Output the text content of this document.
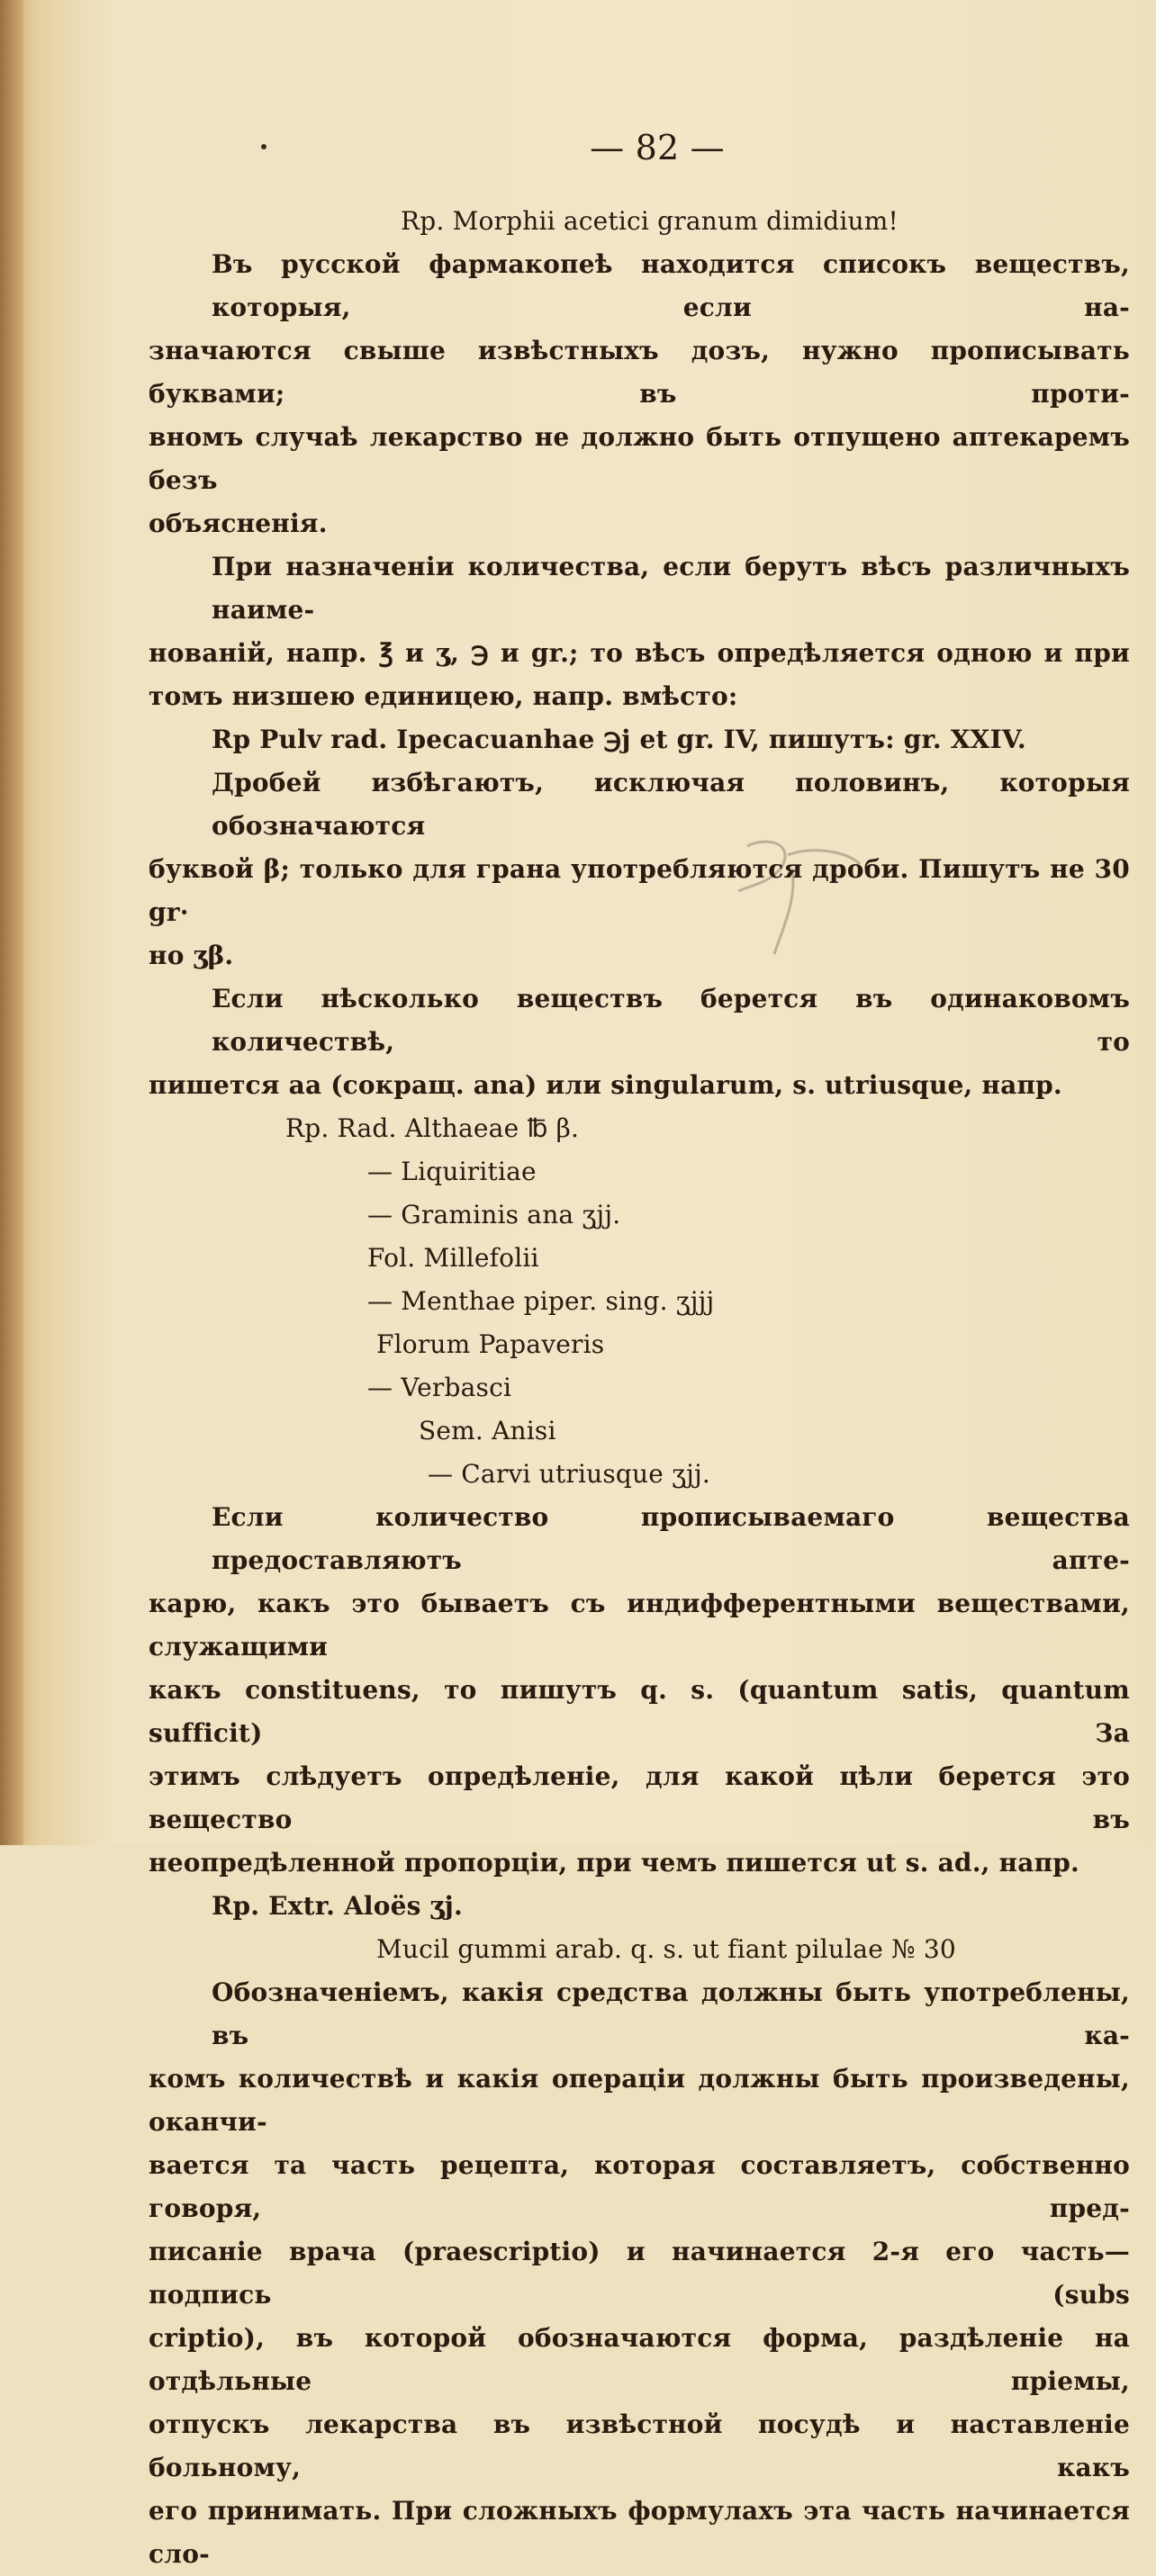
— 82 —
Rp. Morphii acetici granum dimidium!
Въ русской фармакопеѣ находится списокъ веществъ, которыя, если на-
значаются свыше извѣстныхъ дозъ, нужно прописывать буквами; въ проти-
вномъ случаѣ лекарство не должно быть отпущено аптекаремъ безъ
объясненія.
При назначеніи количества, если берутъ вѣсъ различныхъ наиме-
нованій, напр. ℥ и ʒ, ℈ и gr.; то вѣсъ опредѣляется одною и при
томъ низшею единицею, напр. вмѣсто:
Rp Pulv rad. Ipecacuanhae ℈j et gr. IV, пишутъ: gr. XXIV.
Дробей избѣгаютъ, исключая половинъ, которыя обозначаются
буквой β; только для грана употребляются дроби. Пишутъ не 30 gr·
но ʒβ.
Если нѣсколько веществъ берется въ одинаковомъ количествѣ, то
пишется аа (сокращ. ana) или singularum, s. utriusque, напр.
Rp. Rad. Althaeae ℔ β.
— Liquiritiae
— Graminis ana ʒjj.
Fol. Millefolii
— Menthae piper. sing. ʒjjj
Florum Papaveris
— Verbasci
Sem. Anisi
— Carvi utriusque ʒjj.
Если количество прописываемаго вещества предоставляютъ апте-
карю, какъ это бываетъ съ индифферентными веществами, служащими
какъ constituens, то пишутъ q. s. (quantum satis, quantum sufficit) За
этимъ слѣдуетъ опредѣленіе, для какой цѣли берется это вещество въ
неопредѣленной пропорціи, при чемъ пишется ut s. ad., напр.
Rp. Extr. Aloës ʒj.
Mucil gummi arab. q. s. ut fiant pilulae № 30
Обозначеніемъ, какія средства должны быть употреблены, въ ка-
комъ количествѣ и какія операціи должны быть произведены, оканчи-
вается та часть рецепта, которая составляетъ, собственно говоря, пред-
писаніе врача (praescriptio) и начинается 2-я его часть—подпись (subs
criptio), въ которой обозначаются форма, раздѣленіе на отдѣльные пріемы,
отпускъ лекарства въ извѣстной посудѣ и наставленіе больному, какъ
его принимать. При сложныхъ формулахъ эта часть начинается сло-
